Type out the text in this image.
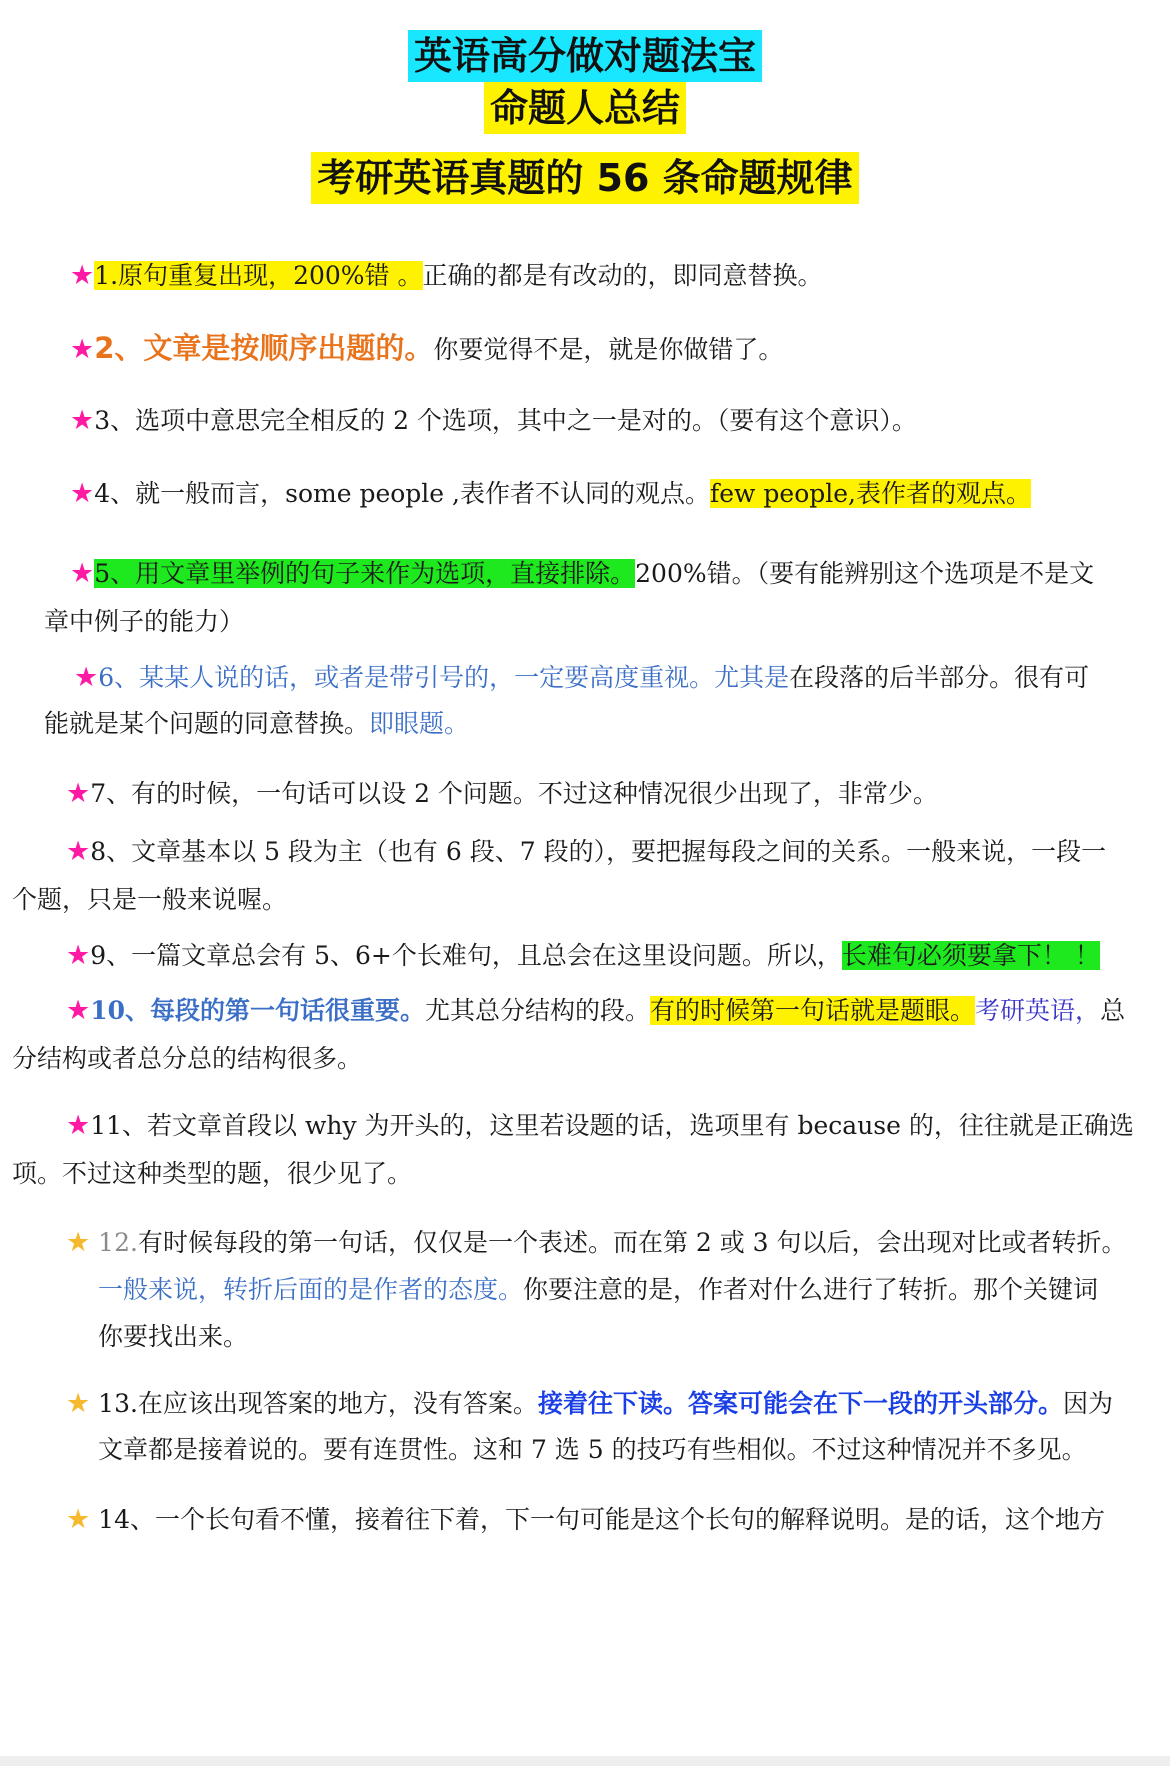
英语高分做对题法宝
命题人总结
考研英语真题的 56 条命题规律
★1.原句重复出现，200%错 。正确的都是有改动的，即同意替换。
★2、文章是按顺序出题的。你要觉得不是，就是你做错了。
★3、选项中意思完全相反的 2 个选项，其中之一是对的。（要有这个意识）。
★4、就一般而言，some people ,表作者不认同的观点。few people,表作者的观点。
★5、用文章里举例的句子来作为选项，直接排除。200%错。（要有能辨别这个选项是不是文
章中例子的能力）
★6、某某人说的话，或者是带引号的，一定要高度重视。尤其是在段落的后半部分。很有可
能就是某个问题的同意替换。即眼题。
★7、有的时候，一句话可以设 2 个问题。不过这种情况很少出现了，非常少。
★8、文章基本以 5 段为主（也有 6 段、7 段的），要把握每段之间的关系。一般来说，一段一
个题，只是一般来说喔。
★9、一篇文章总会有 5、6+个长难句，且总会在这里设问题。所以，长难句必须要拿下！ ！
★10、每段的第一句话很重要。尤其总分结构的段。有的时候第一句话就是题眼。考研英语，总
分结构或者总分总的结构很多。
★11、若文章首段以 why 为开头的，这里若设题的话，选项里有 because 的，往往就是正确选
项。不过这种类型的题，很少见了。
★ 12.有时候每段的第一句话，仅仅是一个表述。而在第 2 或 3 句以后，会出现对比或者转折。
一般来说，转折后面的是作者的态度。你要注意的是，作者对什么进行了转折。那个关键词
你要找出来。
★ 13.在应该出现答案的地方，没有答案。接着往下读。答案可能会在下一段的开头部分。因为
文章都是接着说的。要有连贯性。这和 7 选 5 的技巧有些相似。不过这种情况并不多见。
★ 14、一个长句看不懂，接着往下着，下一句可能是这个长句的解释说明。是的话，这个地方
